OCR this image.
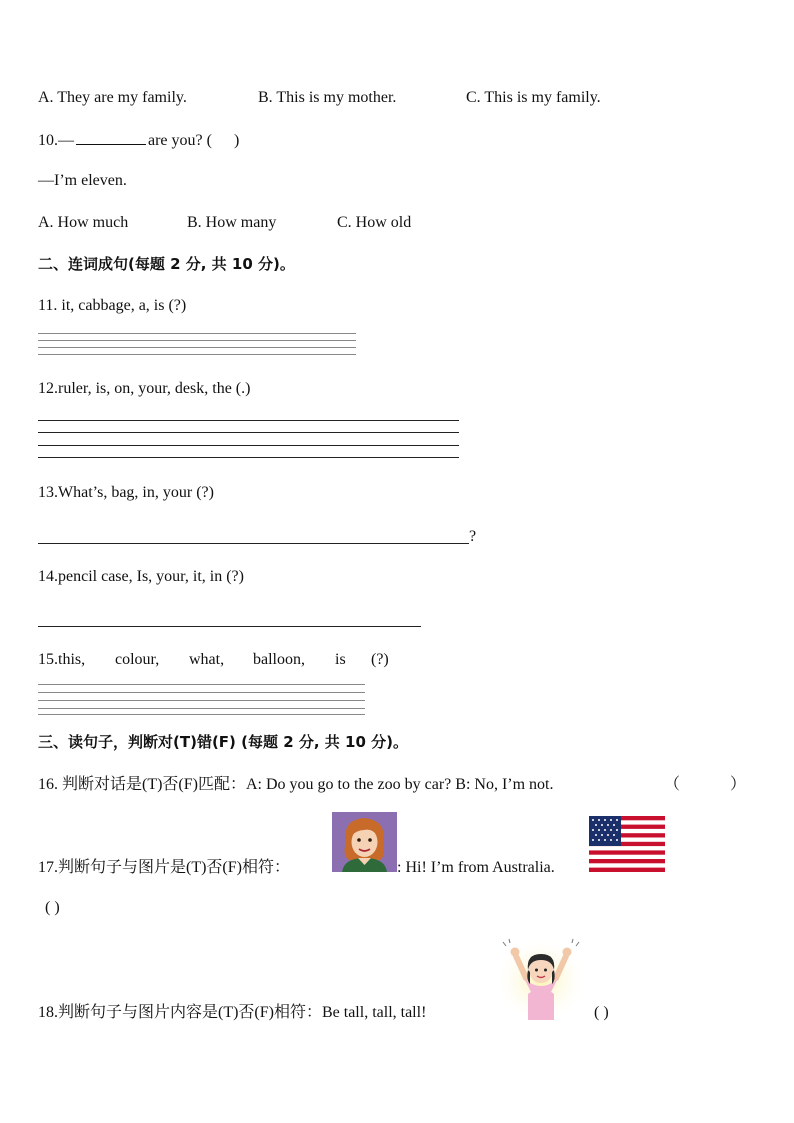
A. They are my family.	B. This is my mother.	C. This is my family.
10.—	are you? ( )
—I’m eleven.
A. How much	B. How many	C. How old
二、连词成句(每题 2 分, 共 10 分)。
11. it, cabbage, a, is (?)
12.ruler, is, on, your, desk, the (.)
13.What’s, bag, in, your (?)
?
14.pencil case, Is, your, it, in (?)
15.this, colour, what, balloon, is (?)
三、读句子，判断对(T)错(F) (每题 2 分, 共 10 分)。
16. 判断对话是(T)否(F)匹配：A: Do you go to the zoo by car? B: No, I’m not.	（	）
17.判断句子与图片是(T)否(F)相符：	: Hi! I’m from Australia.
( )
18.判断句子与图片内容是(T)否(F)相符：Be tall, tall, tall!	( )
